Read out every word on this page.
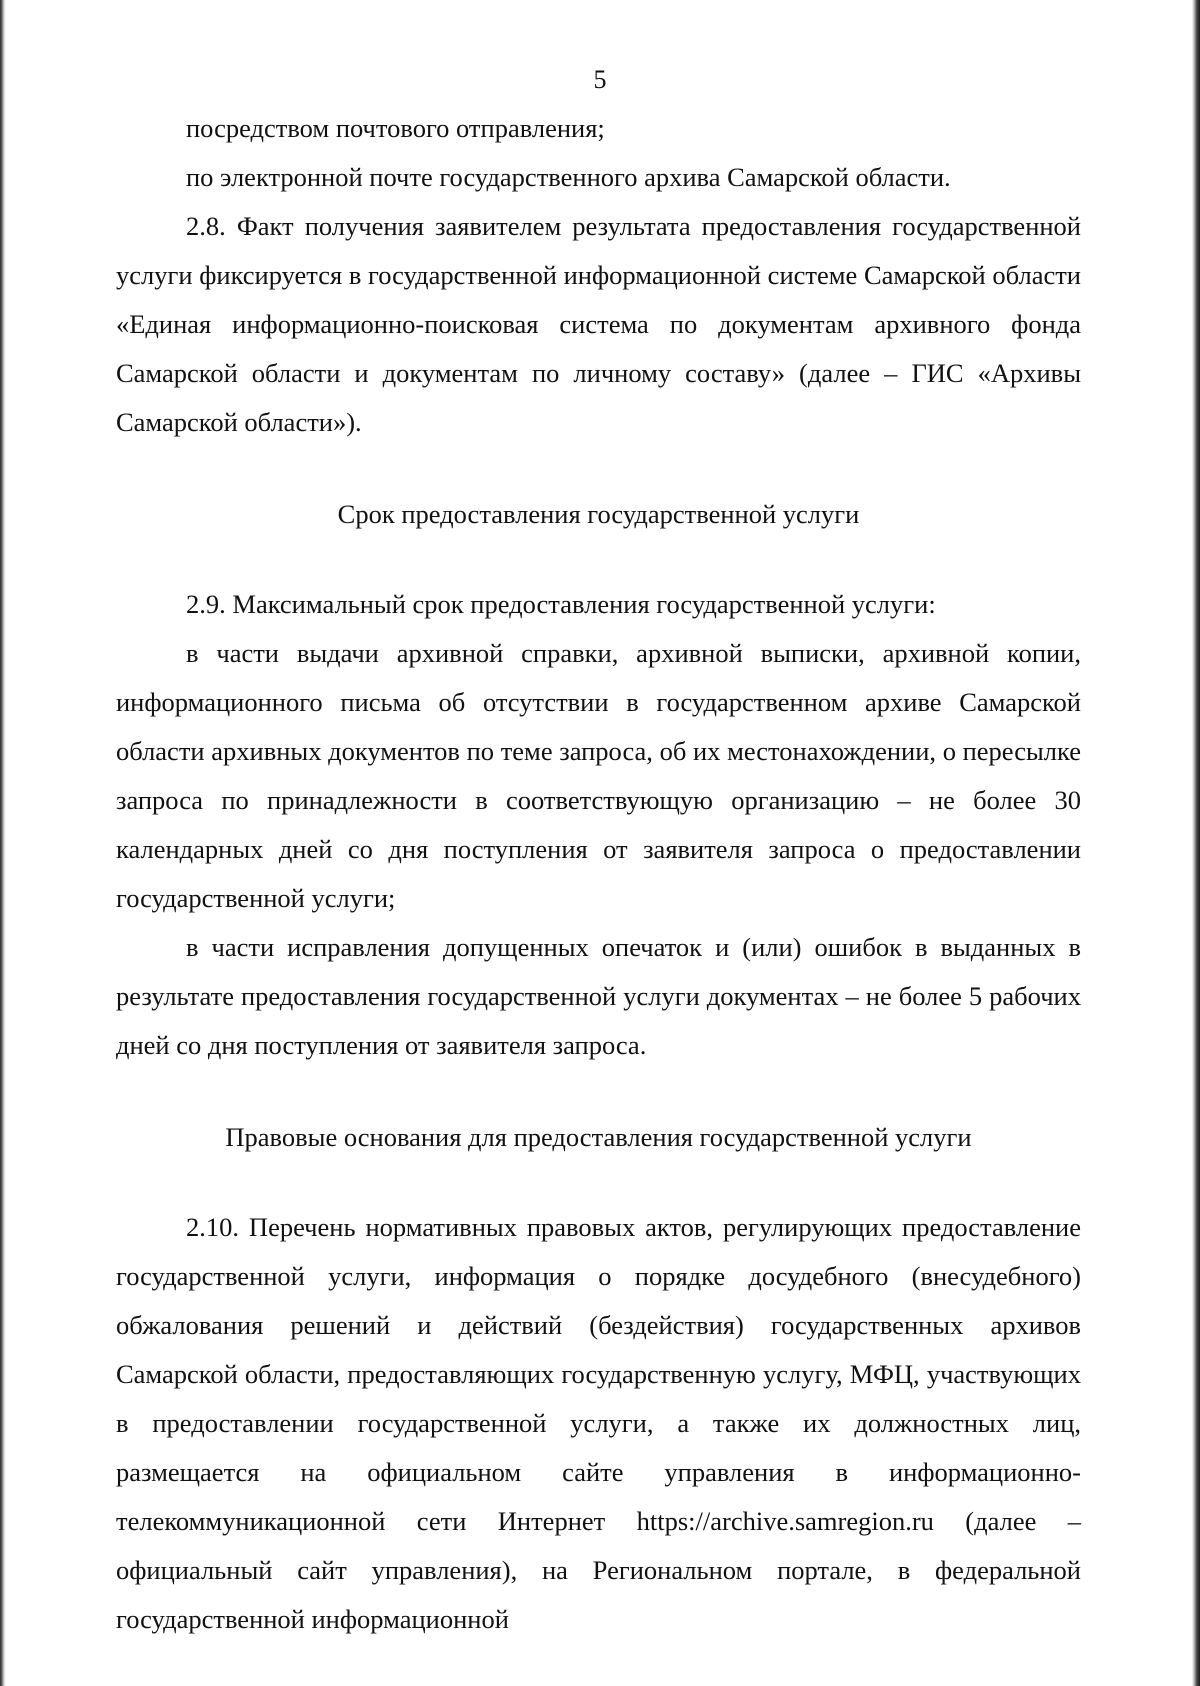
5

посредством почтового отправления;

по электронной почте государственного архива Самарской области.

2.8. Факт получения заявителем результата предоставления государственной услуги фиксируется в государственной информационной системе Самарской области «Единая информационно-поисковая система по документам архивного фонда Самарской области и документам по личному составу» (далее – ГИС «Архивы Самарской области»).

Срок предоставления государственной услуги

2.9. Максимальный срок предоставления государственной услуги:

в части выдачи архивной справки, архивной выписки, архивной копии, информационного письма об отсутствии в государственном архиве Самарской области архивных документов по теме запроса, об их местонахождении, о пересылке запроса по принадлежности в соответствующую организацию – не более 30 календарных дней со дня поступления от заявителя запроса о предоставлении государственной услуги;

в части исправления допущенных опечаток и (или) ошибок в выданных в результате предоставления государственной услуги документах – не более 5 рабочих дней со дня поступления от заявителя запроса.

Правовые основания для предоставления государственной услуги

2.10. Перечень нормативных правовых актов, регулирующих предоставление государственной услуги, информация о порядке досудебного (внесудебного) обжалования решений и действий (бездействия) государственных архивов Самарской области, предоставляющих государственную услугу, МФЦ, участвующих в предоставлении государственной услуги, а также их должностных лиц, размещается на официальном сайте управления в информационно-телекоммуникационной сети Интернет https://archive.samregion.ru (далее – официальный сайт управления), на Региональном портале, в федеральной государственной информационной
